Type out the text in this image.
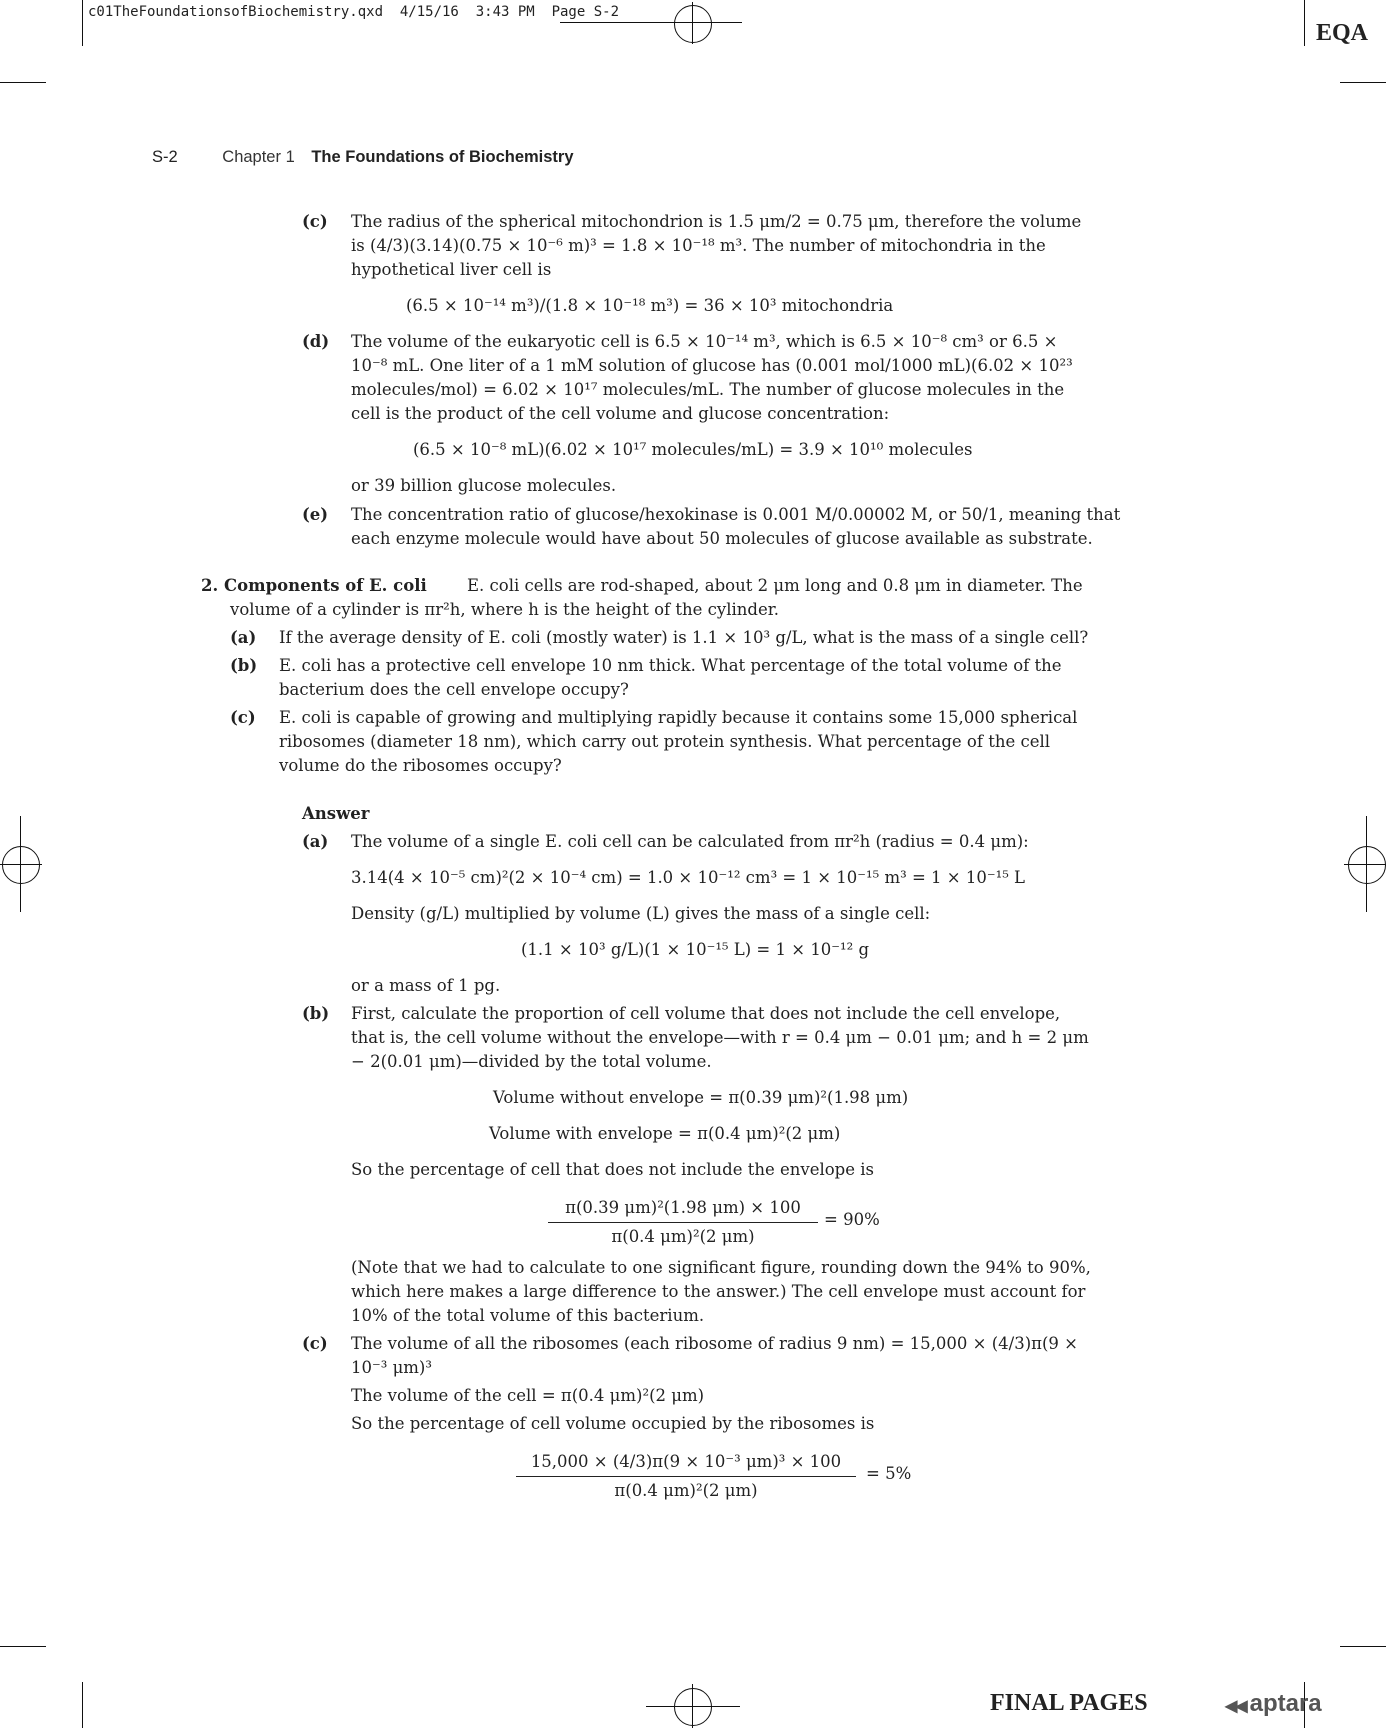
c01TheFoundationsofBiochemistry.qxd  4/15/16  3:43 PM  Page S-2
EQA
S-2	Chapter 1 The Foundations of Biochemistry
(c) The radius of the spherical mitochondrion is 1.5 μm/2 = 0.75 μm, therefore the volume
is (4/3)(3.14)(0.75 × 10⁻⁶ m)³ = 1.8 × 10⁻¹⁸ m³. The number of mitochondria in the
hypothetical liver cell is
(6.5 × 10⁻¹⁴ m³)/(1.8 × 10⁻¹⁸ m³) = 36 × 10³ mitochondria
(d) The volume of the eukaryotic cell is 6.5 × 10⁻¹⁴ m³, which is 6.5 × 10⁻⁸ cm³ or 6.5 ×
10⁻⁸ mL. One liter of a 1 mM solution of glucose has (0.001 mol/1000 mL)(6.02 × 10²³
molecules/mol) = 6.02 × 10¹⁷ molecules/mL. The number of glucose molecules in the
cell is the product of the cell volume and glucose concentration:
(6.5 × 10⁻⁸ mL)(6.02 × 10¹⁷ molecules/mL) = 3.9 × 10¹⁰ molecules
or 39 billion glucose molecules.
(e) The concentration ratio of glucose/hexokinase is 0.001 M/0.00002 M, or 50/1, meaning that
each enzyme molecule would have about 50 molecules of glucose available as substrate.
2. Components of E. coli E. coli cells are rod-shaped, about 2 μm long and 0.8 μm in diameter. The
volume of a cylinder is πr²h, where h is the height of the cylinder.
(a) If the average density of E. coli (mostly water) is 1.1 × 10³ g/L, what is the mass of a single cell?
(b) E. coli has a protective cell envelope 10 nm thick. What percentage of the total volume of the
bacterium does the cell envelope occupy?
(c) E. coli is capable of growing and multiplying rapidly because it contains some 15,000 spherical
ribosomes (diameter 18 nm), which carry out protein synthesis. What percentage of the cell
volume do the ribosomes occupy?
Answer
(a) The volume of a single E. coli cell can be calculated from πr²h (radius = 0.4 μm):
3.14(4 × 10⁻⁵ cm)²(2 × 10⁻⁴ cm) = 1.0 × 10⁻¹² cm³ = 1 × 10⁻¹⁵ m³ = 1 × 10⁻¹⁵ L
Density (g/L) multiplied by volume (L) gives the mass of a single cell:
(1.1 × 10³ g/L)(1 × 10⁻¹⁵ L) = 1 × 10⁻¹² g
or a mass of 1 pg.
(b) First, calculate the proportion of cell volume that does not include the cell envelope,
that is, the cell volume without the envelope—with r = 0.4 μm − 0.01 μm; and h = 2 μm
− 2(0.01 μm)—divided by the total volume.
Volume without envelope = π(0.39 μm)²(1.98 μm)
Volume with envelope = π(0.4 μm)²(2 μm)
So the percentage of cell that does not include the envelope is
$\frac{\text{π(0.39 μm)²(1.98 μm) × 100}}{\text{π(0.4 μm)²(2 μm)}} = 90\%$
(Note that we had to calculate to one significant figure, rounding down the 94% to 90%,
which here makes a large difference to the answer.) The cell envelope must account for
10% of the total volume of this bacterium.
(c) The volume of all the ribosomes (each ribosome of radius 9 nm) = 15,000 × (4/3)π(9 ×
10⁻³ μm)³
The volume of the cell = π(0.4 μm)²(2 μm)
So the percentage of cell volume occupied by the ribosomes is
$\frac{\text{15,000 × (4/3)π(9 × 10⁻³ μm)³ × 100}}{\text{π(0.4 μm)²(2 μm)}} = 5\%$
FINAL PAGES	◀◀ aptara
